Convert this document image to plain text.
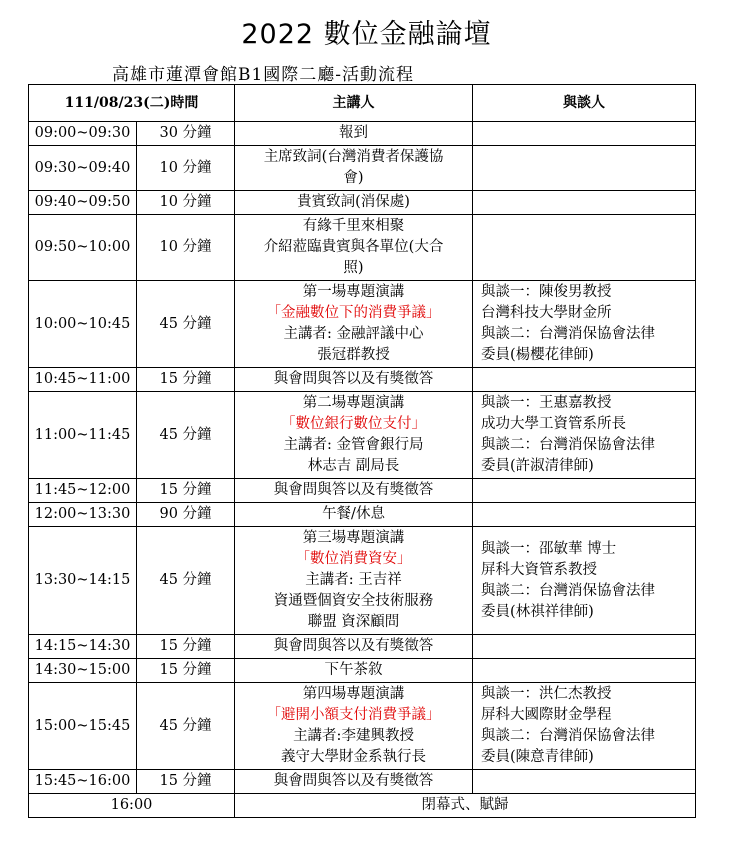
2022 數位金融論壇
高雄市蓮潭會館B1國際二廳-活動流程
111/08/23(二)時間		主講人	與談人
09:00~09:30	30 分鐘	報到	

09:30~09:40	10 分鐘	主席致詞(台灣消費者保護協
會)	

09:40~09:50	10 分鐘	貴賓致詞(消保處)	

09:50~10:00	10 分鐘	有緣千里來相聚
介紹蒞臨貴賓與各單位(大合
照)	

10:00~10:45	45 分鐘	第一場專題演講
「金融數位下的消費爭議」
主講者: 金融評議中心
張冠群教授	與談一：陳俊男教授
台灣科技大學財金所
與談二：台灣消保協會法律
委員(楊櫻花律師)

10:45~11:00	15 分鐘	與會問與答以及有獎徵答	

11:00~11:45	45 分鐘	第二場專題演講
「數位銀行數位支付」
主講者: 金管會銀行局
林志吉 副局長	與談一：王惠嘉教授
成功大學工資管系所長
與談二：台灣消保協會法律
委員(許淑清律師)

11:45~12:00	15 分鐘	與會問與答以及有獎徵答	

12:00~13:30	90 分鐘	午餐/休息	

13:30~14:15	45 分鐘	第三場專題演講
「數位消費資安」
主講者: 王吉祥
資通暨個資安全技術服務
聯盟 資深顧問	與談一：邵敏華 博士
屏科大資管系教授
與談二：台灣消保協會法律
委員(林祺祥律師)

14:15~14:30	15 分鐘	與會問與答以及有獎徵答	

14:30~15:00	15 分鐘	下午茶敘	

15:00~15:45	45 分鐘	第四場專題演講
「避開小額支付消費爭議」
主講者:李建興教授
義守大學財金系執行長	與談一：洪仁杰教授
屏科大國際財金學程
與談二：台灣消保協會法律
委員(陳意青律師)

15:45~16:00	15 分鐘	與會問與答以及有獎徵答	

16:00		閉幕式、賦歸	
